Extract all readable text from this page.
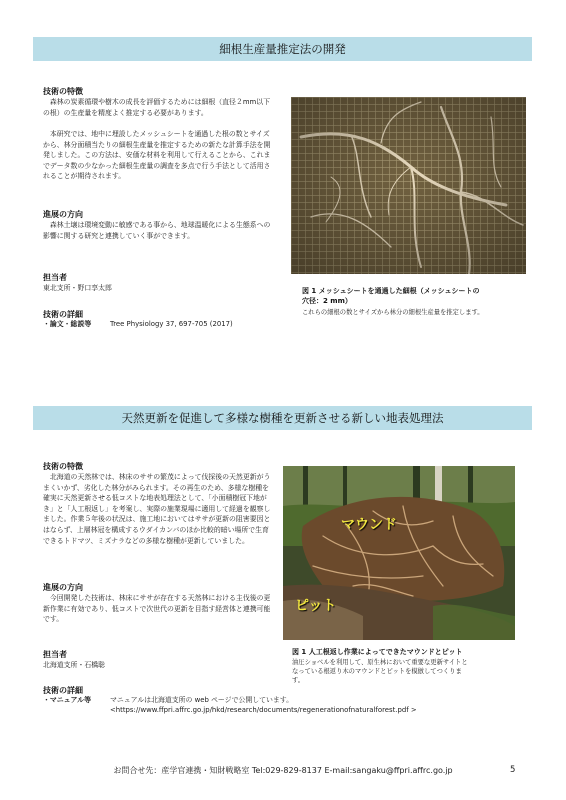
細根生産量推定法の開発
技術の特徴

　森林の炭素循環や樹木の成長を評価するためには細根（直径２mm以下の根）の生産量を精度よく推定する必要があります。

　本研究では、地中に埋設したメッシュシートを通過した根の数とサイズから、林分面積当たりの細根生産量を推定するための新たな計算手法を開発しました。この方法は、安価な材料を利用して行えることから、これまでデータ数の少なかった細根生産量の調査を多点で行う手法として活用されることが期待されます。

進展の方向

　森林土壌は環境変動に敏感である事から、地球温暖化による生態系への影響に関する研究と連携していく事ができます。

担当者
東北支所・野口享太郎
技術の詳細
・論文・総説等	Tree Physiology 37, 697-705 (2017)
図 1 メッシュシートを通過した細根（メッシュシートの
穴径：2 mm）
これらの細根の数とサイズから林分の細根生産量を推定します。
天然更新を促進して多様な樹種を更新させる新しい地表処理法
技術の特徴

　北海道の天然林では、林床のササの繁茂によって伐採後の天然更新がうまくいかず、劣化した林分がみられます。その再生のため、多様な樹種を確実に天然更新させる低コストな地表処理法として、「小面積樹冠下地がき」と「人工根返し」を考案し、実際の施業現場に適用して経過を観察しました。作業５年後の状況は、施工地においてはササが更新の阻害要因とはならず、上層林冠を構成するウダイカンバのほか比較的暗い場所で生育できるトドマツ、ミズナラなどの多様な樹種が更新していました。

進展の方向

　今回開発した技術は、林床にササが存在する天然林における主伐後の更新作業に有効であり、低コストで次世代の更新を目指す経営体と連携可能です。

担当者
北海道支所・石橋聡
技術の詳細
・マニュアル等	マニュアルは北海道支所の web ページで公開しています。
<https://www.ffpri.affrc.go.jp/hkd/research/documents/regenerationofnaturalforest.pdf >
マウンド
ピット
図 1 人工根返し作業によってできたマウンドとピット
油圧ショベルを利用して、原生林において重要な更新サイトと
なっている根返り木のマウンドとピットを模倣してつくりま
す。
お問合せ先：産学官連携・知財戦略室 Tel:029-829-8137 E-mail:sangaku@ffpri.affrc.go.jp	5
